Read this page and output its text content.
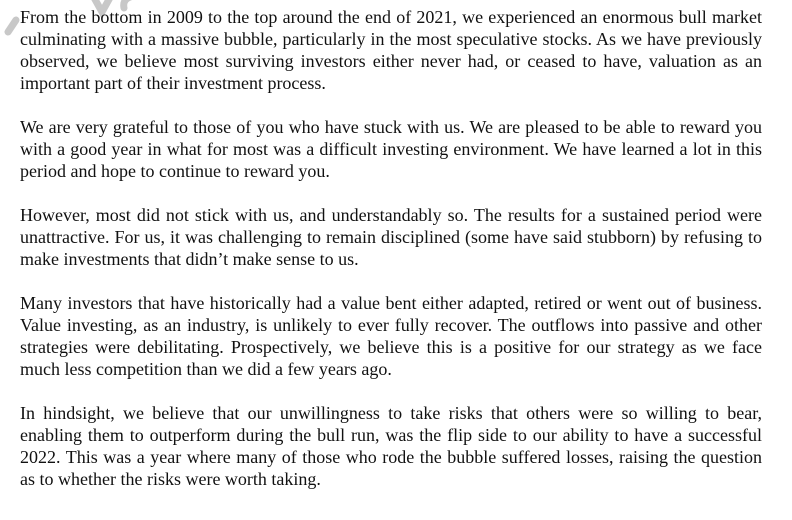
From the bottom in 2009 to the top around the end of 2021, we experienced an enormous bull market culminating with a massive bubble, particularly in the most speculative stocks. As we have previously observed, we believe most surviving investors either never had, or ceased to have, valuation as an important part of their investment process.

We are very grateful to those of you who have stuck with us. We are pleased to be able to reward you with a good year in what for most was a difficult investing environment. We have learned a lot in this period and hope to continue to reward you.

However, most did not stick with us, and understandably so. The results for a sustained period were unattractive. For us, it was challenging to remain disciplined (some have said stubborn) by refusing to make investments that didn’t make sense to us.

Many investors that have historically had a value bent either adapted, retired or went out of business. Value investing, as an industry, is unlikely to ever fully recover. The outflows into passive and other strategies were debilitating. Prospectively, we believe this is a positive for our strategy as we face much less competition than we did a few years ago.

In hindsight, we believe that our unwillingness to take risks that others were so willing to bear, enabling them to outperform during the bull run, was the flip side to our ability to have a successful 2022. This was a year where many of those who rode the bubble suffered losses, raising the question as to whether the risks were worth taking.
